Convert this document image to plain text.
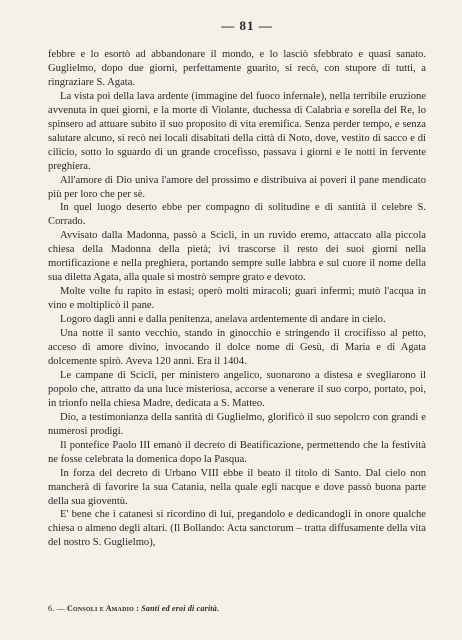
— 81 —

febbre e lo esortò ad abbandonare il mondo, e lo lasciò sfebbrato e quasi sanato. Guglielmo, dopo due giorni, perfettamente guarito, si recò, con stupore di tutti, a ringraziare S. Agata.

La vista poi della lava ardente (immagine del fuoco infernale), nella terribile eruzione avvenuta in quei giorni, e la morte di Violante, duchessa di Calabria e sorella del Re, lo spinsero ad attuare subito il suo proposito di vita eremifica. Senza perder tempo, e senza salutare alcuno, si recò nei locali disabitati della città di Noto, dove, vestito di sacco e di cilicio, sotto lo sguardo di un grande crocefisso, passava i giorni e le notti in fervente preghiera.

All'amore di Dio univa l'amore del prossimo e distribuiva ai poveri il pane mendicato più per loro che per sè.

In quel luogo deserto ebbe per compagno di solitudine e di santità il celebre S. Corrado.

Avvisato dalla Madonna, passò a Scicli, in un ruvido eremo, attaccato alla piccola chiesa della Madonna della pietà; ivi trascorse il resto dei suoi giorni nella mortificazione e nella preghiera, portando sempre sulle labbra e sul cuore il nome della sua diletta Agata, alla quale si mostrò sempre grato e devoto.

Molte volte fu rapito in estasi; operò molti miracoli; guarì infermi; mutò l'acqua in vino e moltiplicò il pane.

Logoro dagli anni e dalla penitenza, anelava ardentemente di andare in cielo.

Una notte il santo vecchio, stando in ginocchio e stringendo il crocifisso al petto, acceso di amore divino, invocando il dolce nome di Gesù, di Maria e di Agata dolcemente spirò. Aveva 120 anni. Era il 1404.

Le campane di Scicli, per ministero angelico, suonarono a distesa e svegliarono il popolo che, attratto da una luce misteriosa, accorse a venerare il suo corpo, portato, poi, in trionfo nella chiesa Madre, dedicata a S. Matteo.

Dio, a testimonianza della santità di Guglielmo, glorificò il suo sepolcro con grandi e numerosi prodigi.

Il pontefice Paolo III emanò il decreto di Beatificazione, permettendo che la festività ne fosse celebrata la domenica dopo la Pasqua.

In forza del decreto di Urbano VIII ebbe il beato il titolo di Santo. Dal cielo non mancherà di favorire la sua Catania, nella quale egli nacque e dove passò buona parte della sua gioventù.

E' bene che i catanesi si ricordino di lui, pregandolo e dedicandogli in onore qualche chiesa o almeno degli altari. (Il Bollando: Acta sanctorum – tratta diffusamente della vita del nostro S. Guglielmo),

6. — Consoli e Amadio : Santi ed eroi di carità.
